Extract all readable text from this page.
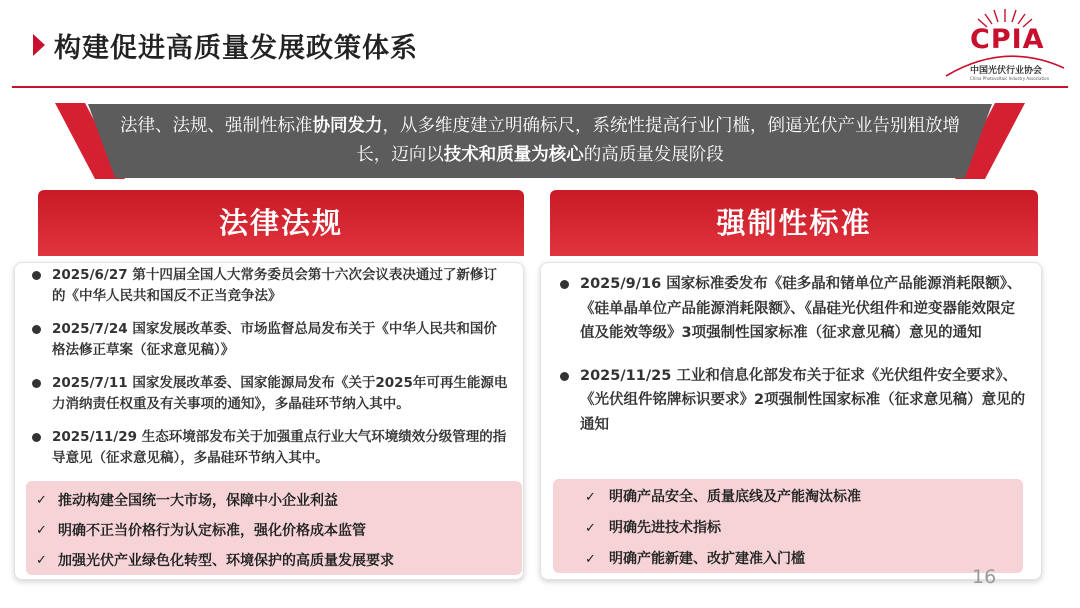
构建促进高质量发展政策体系	CPIA
中国光伏行业协会
China Photovoltaic Industry Association
法律、法规、强制性标准协同发力，从多维度建立明确标尺，系统性提高行业门槛，倒逼光伏产业告别粗放增长，迈向以技术和质量为核心的高质量发展阶段
法律法规
2025/6/27 第十四届全国人大常务委员会第十六次会议表决通过了新修订的《中华人民共和国反不正当竞争法》
2025/7/24 国家发展改革委、市场监督总局发布关于《中华人民共和国价格法修正草案（征求意见稿）》
2025/7/11 国家发展改革委、国家能源局发布《关于2025年可再生能源电力消纳责任权重及有关事项的通知》，多晶硅环节纳入其中。
2025/11/29 生态环境部发布关于加强重点行业大气环境绩效分级管理的指导意见（征求意见稿），多晶硅环节纳入其中。
✓ 推动构建全国统一大市场，保障中小企业利益
✓ 明确不正当价格行为认定标准，强化价格成本监管
✓ 加强光伏产业绿色化转型、环境保护的高质量发展要求
强制性标准
2025/9/16 国家标准委发布《硅多晶和锗单位产品能源消耗限额》、《硅单晶单位产品能源消耗限额》、《晶硅光伏组件和逆变器能效限定值及能效等级》3项强制性国家标准（征求意见稿）意见的通知
2025/11/25 工业和信息化部发布关于征求《光伏组件安全要求》、《光伏组件铭牌标识要求》2项强制性国家标准（征求意见稿）意见的通知
✓ 明确产品安全、质量底线及产能淘汰标准
✓ 明确先进技术指标
✓ 明确产能新建、改扩建准入门槛
16
